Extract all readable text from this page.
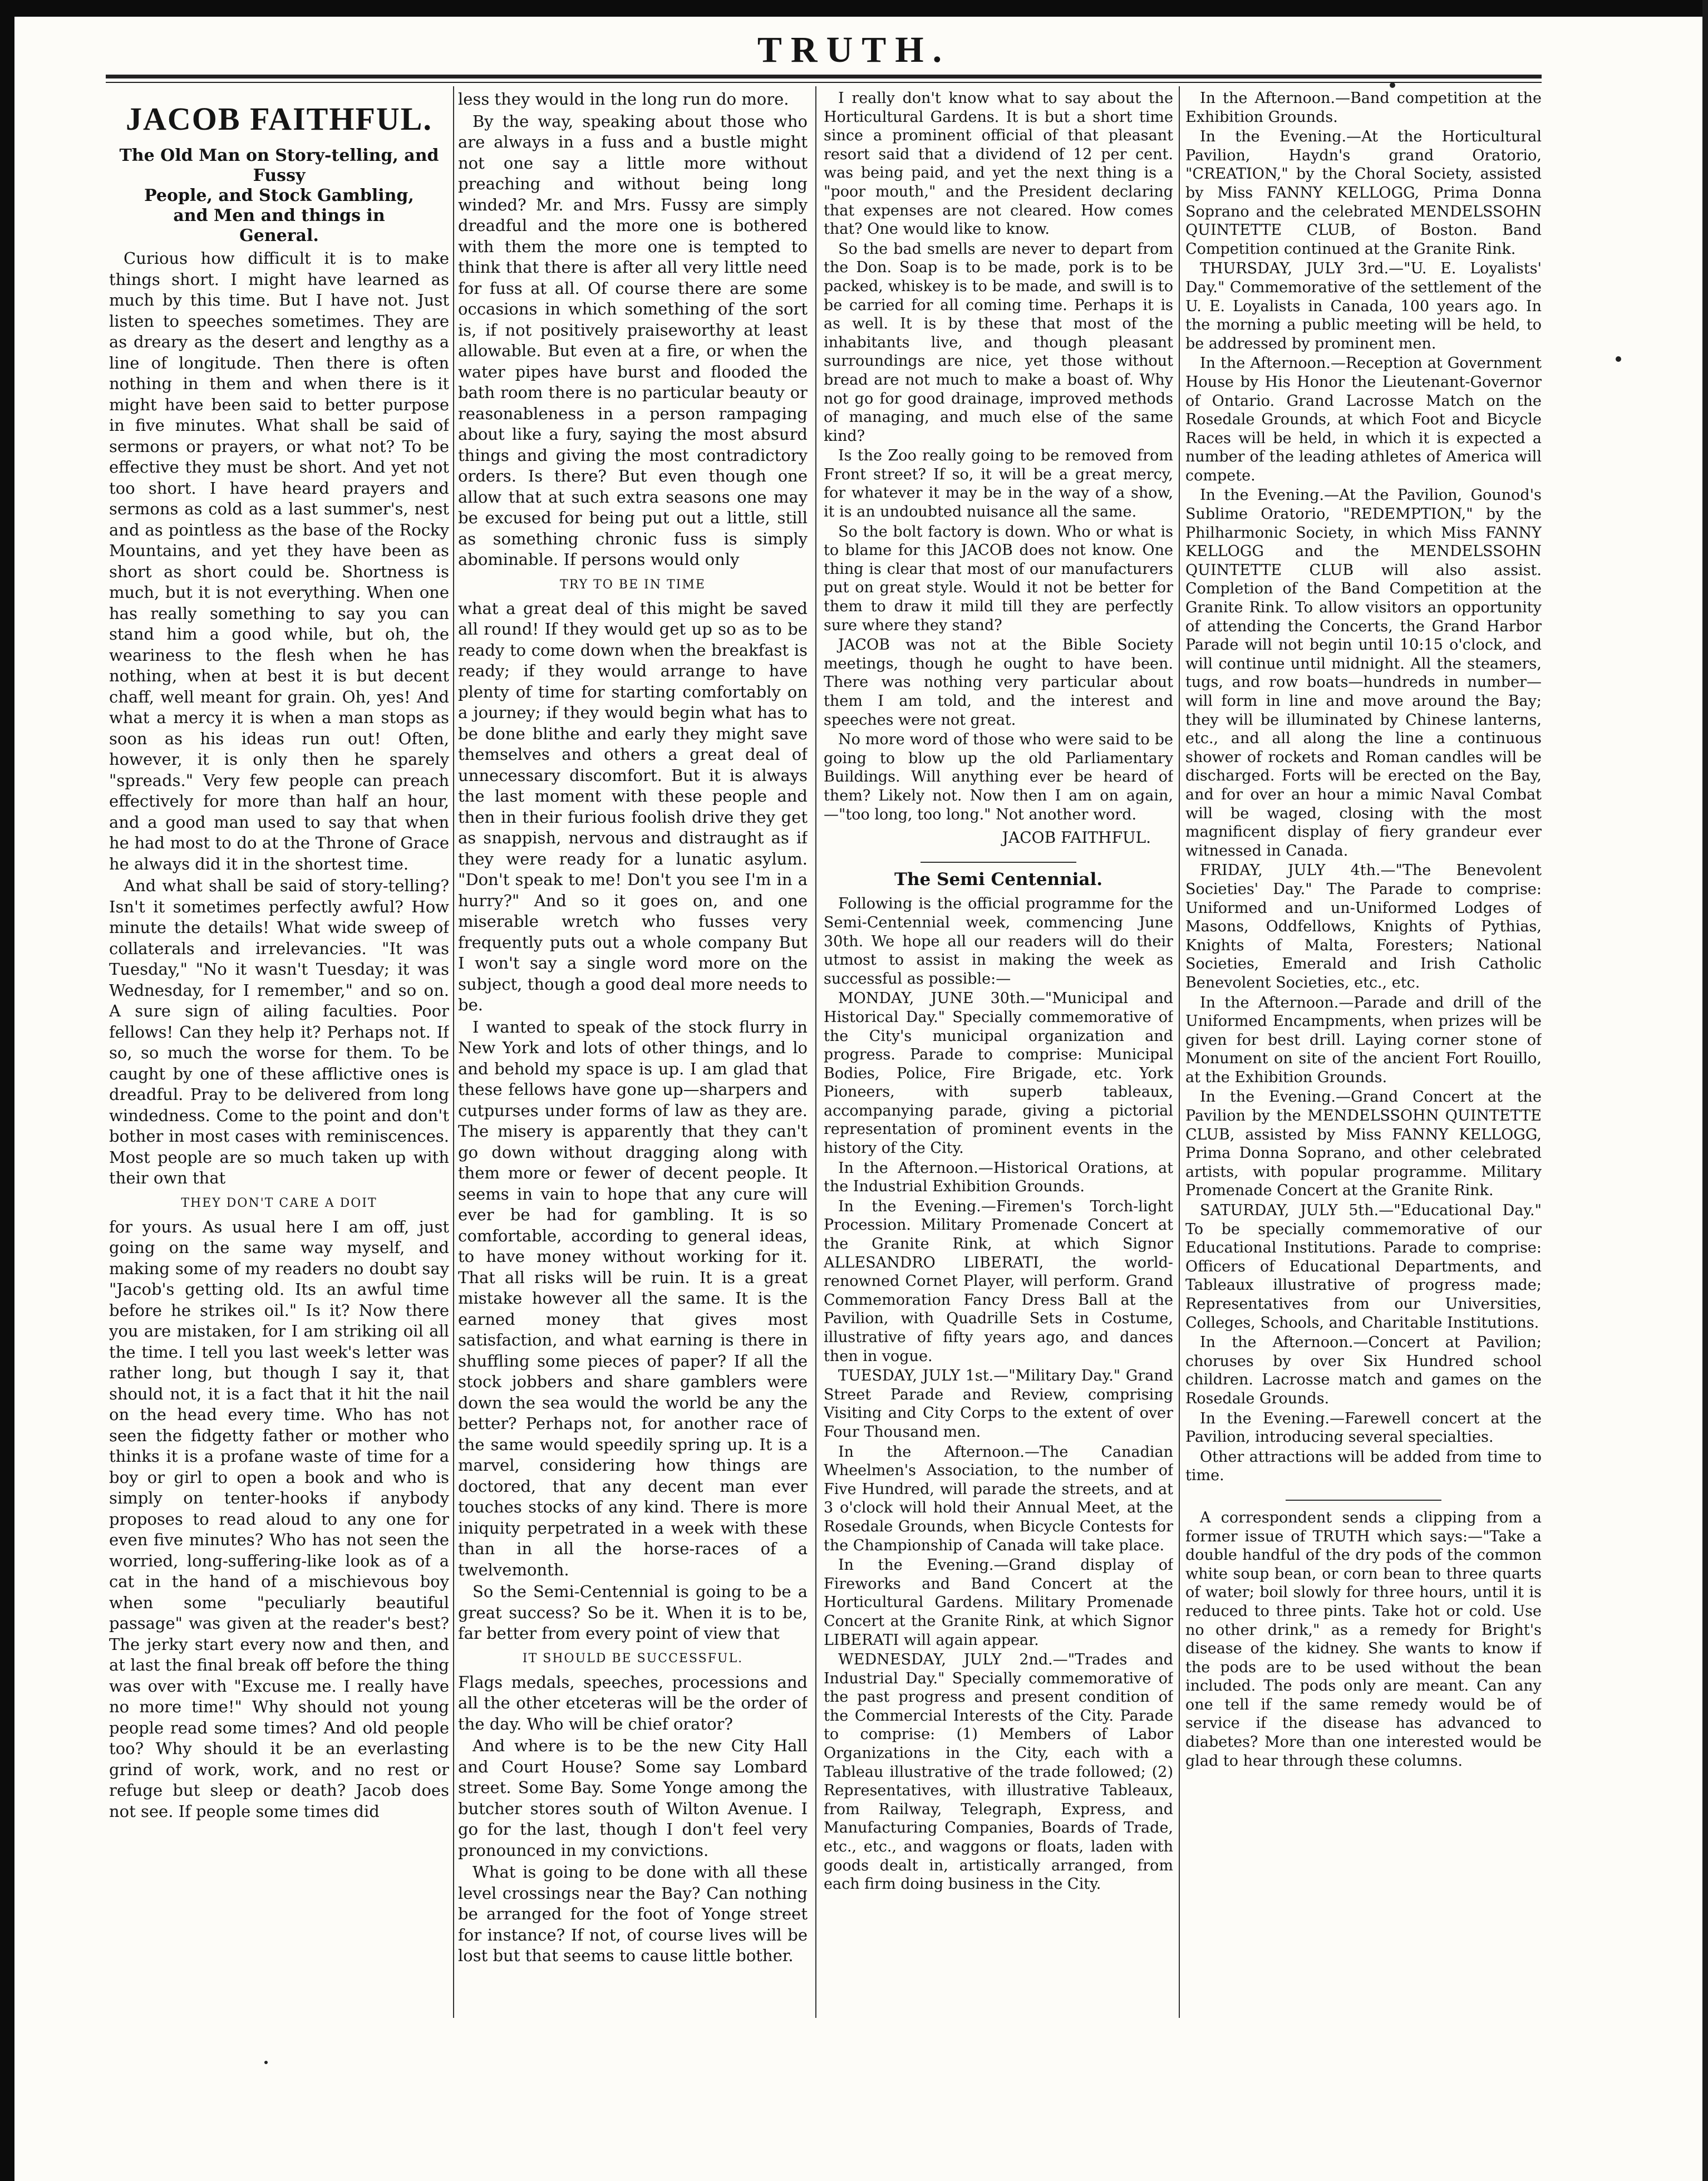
TRUTH.
JACOB FAITHFUL.
The Old Man on Story-telling, and Fussy
People, and Stock Gambling,
and Men and things in
General.

Curious how difficult it is to make things short. I might have learned as much by this time. But I have not. Just listen to speeches sometimes. They are as dreary as the desert and lengthy as a line of longitude. Then there is often nothing in them and when there is it might have been said to better purpose in five minutes. What shall be said of sermons or prayers, or what not? To be effective they must be short. And yet not too short. I have heard prayers and sermons as cold as a last summer's, nest and as pointless as the base of the Rocky Mountains, and yet they have been as short as short could be. Shortness is much, but it is not everything. When one has really something to say you can stand him a good while, but oh, the weariness to the flesh when he has nothing, when at best it is but decent chaff, well meant for grain. Oh, yes! And what a mercy it is when a man stops as soon as his ideas run out! Often, however, it is only then he sparely "spreads." Very few people can preach effectively for more than half an hour, and a good man used to say that when he had most to do at the Throne of Grace he always did it in the shortest time.

And what shall be said of story-telling? Isn't it sometimes perfectly awful? How minute the details! What wide sweep of collaterals and irrelevancies. "It was Tuesday," "No it wasn't Tuesday; it was Wednesday, for I remember," and so on. A sure sign of ailing faculties. Poor fellows! Can they help it? Perhaps not. If so, so much the worse for them. To be caught by one of these afflictive ones is dreadful. Pray to be delivered from long windedness. Come to the point and don't bother in most cases with reminiscences. Most people are so much taken up with their own that

THEY DON'T CARE A DOIT

for yours. As usual here I am off, just going on the same way myself, and making some of my readers no doubt say "Jacob's getting old. Its an awful time before he strikes oil." Is it? Now there you are mistaken, for I am striking oil all the time. I tell you last week's letter was rather long, but though I say it, that should not, it is a fact that it hit the nail on the head every time. Who has not seen the fidgetty father or mother who thinks it is a profane waste of time for a boy or girl to open a book and who is simply on tenter-hooks if anybody proposes to read aloud to any one for even five minutes? Who has not seen the worried, long-suffering-like look as of a cat in the hand of a mischievous boy when some "peculiarly beautiful passage" was given at the reader's best? The jerky start every now and then, and at last the final break off before the thing was over with "Excuse me. I really have no more time!" Why should not young people read some times? And old people too? Why should it be an everlasting grind of work, work, and no rest or refuge but sleep or death? Jacob does not see. If people some times did

less they would in the long run do more.

By the way, speaking about those who are always in a fuss and a bustle might not one say a little more without preaching and without being long winded? Mr. and Mrs. Fussy are simply dreadful and the more one is bothered with them the more one is tempted to think that there is after all very little need for fuss at all. Of course there are some occasions in which something of the sort is, if not positively praiseworthy at least allowable. But even at a fire, or when the water pipes have burst and flooded the bath room there is no particular beauty or reasonableness in a person rampaging about like a fury, saying the most absurd things and giving the most contradictory orders. Is there? But even though one allow that at such extra seasons one may be excused for being put out a little, still as something chronic fuss is simply abominable. If persons would only

TRY TO BE IN TIME

what a great deal of this might be saved all round! If they would get up so as to be ready to come down when the breakfast is ready; if they would arrange to have plenty of time for starting comfortably on a journey; if they would begin what has to be done blithe and early they might save themselves and others a great deal of unnecessary discomfort. But it is always the last moment with these people and then in their furious foolish drive they get as snappish, nervous and distraught as if they were ready for a lunatic asylum. "Don't speak to me! Don't you see I'm in a hurry?" And so it goes on, and one miserable wretch who fusses very frequently puts out a whole company But I won't say a single word more on the subject, though a good deal more needs to be.

I wanted to speak of the stock flurry in New York and lots of other things, and lo and behold my space is up. I am glad that these fellows have gone up—sharpers and cutpurses under forms of law as they are. The misery is apparently that they can't go down without dragging along with them more or fewer of decent people. It seems in vain to hope that any cure will ever be had for gambling. It is so comfortable, according to general ideas, to have money without working for it. That all risks will be ruin. It is a great mistake however all the same. It is the earned money that gives most satisfaction, and what earning is there in shuffling some pieces of paper? If all the stock jobbers and share gamblers were down the sea would the world be any the better? Perhaps not, for another race of the same would speedily spring up. It is a marvel, considering how things are doctored, that any decent man ever touches stocks of any kind. There is more iniquity perpetrated in a week with these than in all the horse-races of a twelvemonth.

So the Semi-Centennial is going to be a great success? So be it. When it is to be, far better from every point of view that

IT SHOULD BE SUCCESSFUL.

Flags medals, speeches, processions and all the other etceteras will be the order of the day. Who will be chief orator?

And where is to be the new City Hall and Court House? Some say Lombard street. Some Bay. Some Yonge among the butcher stores south of Wilton Avenue. I go for the last, though I don't feel very pronounced in my convictions.

What is going to be done with all these level crossings near the Bay? Can nothing be arranged for the foot of Yonge street for instance? If not, of course lives will be lost but that seems to cause little bother.

I really don't know what to say about the Horticultural Gardens. It is but a short time since a prominent official of that pleasant resort said that a dividend of 12 per cent. was being paid, and yet the next thing is a "poor mouth," and the President declaring that expenses are not cleared. How comes that? One would like to know.

So the bad smells are never to depart from the Don. Soap is to be made, pork is to be packed, whiskey is to be made, and swill is to be carried for all coming time. Perhaps it is as well. It is by these that most of the inhabitants live, and though pleasant surroundings are nice, yet those without bread are not much to make a boast of. Why not go for good drainage, improved methods of managing, and much else of the same kind?

Is the Zoo really going to be removed from Front street? If so, it will be a great mercy, for whatever it may be in the way of a show, it is an undoubted nuisance all the same.

So the bolt factory is down. Who or what is to blame for this JACOB does not know. One thing is clear that most of our manufacturers put on great style. Would it not be better for them to draw it mild till they are perfectly sure where they stand?

JACOB was not at the Bible Society meetings, though he ought to have been. There was nothing very particular about them I am told, and the interest and speeches were not great.

No more word of those who were said to be going to blow up the old Parliamentary Buildings. Will anything ever be heard of them? Likely not. Now then I am on again,—"too long, too long." Not another word.

JACOB FAITHFUL.
The Semi Centennial.

Following is the official programme for the Semi-Centennial week, commencing June 30th. We hope all our readers will do their utmost to assist in making the week as successful as possible:—

MONDAY, JUNE 30th.—"Municipal and Historical Day." Specially commemorative of the City's municipal organization and progress. Parade to comprise: Municipal Bodies, Police, Fire Brigade, etc. York Pioneers, with superb tableaux, accompanying parade, giving a pictorial representation of prominent events in the history of the City.

In the Afternoon.—Historical Orations, at the Industrial Exhibition Grounds.

In the Evening.—Firemen's Torch-light Procession. Military Promenade Concert at the Granite Rink, at which Signor ALLESANDRO LIBERATI, the world-renowned Cornet Player, will perform. Grand Commemoration Fancy Dress Ball at the Pavilion, with Quadrille Sets in Costume, illustrative of fifty years ago, and dances then in vogue.

TUESDAY, JULY 1st.—"Military Day." Grand Street Parade and Review, comprising Visiting and City Corps to the extent of over Four Thousand men.

In the Afternoon.—The Canadian Wheelmen's Association, to the number of Five Hundred, will parade the streets, and at 3 o'clock will hold their Annual Meet, at the Rosedale Grounds, when Bicycle Contests for the Championship of Canada will take place.

In the Evening.—Grand display of Fireworks and Band Concert at the Horticultural Gardens. Military Promenade Concert at the Granite Rink, at which Signor LIBERATI will again appear.

WEDNESDAY, JULY 2nd.—"Trades and Industrial Day." Specially commemorative of the past progress and present condition of the Commercial Interests of the City. Parade to comprise: (1) Members of Labor Organizations in the City, each with a Tableau illustrative of the trade followed; (2) Representatives, with illustrative Tableaux, from Railway, Telegraph, Express, and Manufacturing Companies, Boards of Trade, etc., etc., and waggons or floats, laden with goods dealt in, artistically arranged, from each firm doing business in the City.

In the Afternoon.—Band competition at the Exhibition Grounds.

In the Evening.—At the Horticultural Pavilion, Haydn's grand Oratorio, "CREATION," by the Choral Society, assisted by Miss FANNY KELLOGG, Prima Donna Soprano and the celebrated MENDELSSOHN QUINTETTE CLUB, of Boston. Band Competition continued at the Granite Rink.

THURSDAY, JULY 3rd.—"U. E. Loyalists' Day." Commemorative of the settlement of the U. E. Loyalists in Canada, 100 years ago. In the morning a public meeting will be held, to be addressed by prominent men.

In the Afternoon.—Reception at Government House by His Honor the Lieutenant-Governor of Ontario. Grand Lacrosse Match on the Rosedale Grounds, at which Foot and Bicycle Races will be held, in which it is expected a number of the leading athletes of America will compete.

In the Evening.—At the Pavilion, Gounod's Sublime Oratorio, "REDEMPTION," by the Philharmonic Society, in which Miss FANNY KELLOGG and the MENDELSSOHN QUINTETTE CLUB will also assist. Completion of the Band Competition at the Granite Rink. To allow visitors an opportunity of attending the Concerts, the Grand Harbor Parade will not begin until 10:15 o'clock, and will continue until midnight. All the steamers, tugs, and row boats—hundreds in number—will form in line and move around the Bay; they will be illuminated by Chinese lanterns, etc., and all along the line a continuous shower of rockets and Roman candles will be discharged. Forts will be erected on the Bay, and for over an hour a mimic Naval Combat will be waged, closing with the most magnificent display of fiery grandeur ever witnessed in Canada.

FRIDAY, JULY 4th.—"The Benevolent Societies' Day." The Parade to comprise: Uniformed and un-Uniformed Lodges of Masons, Oddfellows, Knights of Pythias, Knights of Malta, Foresters; National Societies, Emerald and Irish Catholic Benevolent Societies, etc., etc.

In the Afternoon.—Parade and drill of the Uniformed Encampments, when prizes will be given for best drill. Laying corner stone of Monument on site of the ancient Fort Rouillo, at the Exhibition Grounds.

In the Evening.—Grand Concert at the Pavilion by the MENDELSSOHN QUINTETTE CLUB, assisted by Miss FANNY KELLOGG, Prima Donna Soprano, and other celebrated artists, with popular programme. Military Promenade Concert at the Granite Rink.

SATURDAY, JULY 5th.—"Educational Day." To be specially commemorative of our Educational Institutions. Parade to comprise: Officers of Educational Departments, and Tableaux illustrative of progress made; Representatives from our Universities, Colleges, Schools, and Charitable Institutions.

In the Afternoon.—Concert at Pavilion; choruses by over Six Hundred school children. Lacrosse match and games on the Rosedale Grounds.

In the Evening.—Farewell concert at the Pavilion, introducing several specialties.

Other attractions will be added from time to time.

A correspondent sends a clipping from a former issue of TRUTH which says:—"Take a double handful of the dry pods of the common white soup bean, or corn bean to three quarts of water; boil slowly for three hours, until it is reduced to three pints. Take hot or cold. Use no other drink," as a remedy for Bright's disease of the kidney. She wants to know if the pods are to be used without the bean included. The pods only are meant. Can any one tell if the same remedy would be of service if the disease has advanced to diabetes? More than one interested would be glad to hear through these columns.
